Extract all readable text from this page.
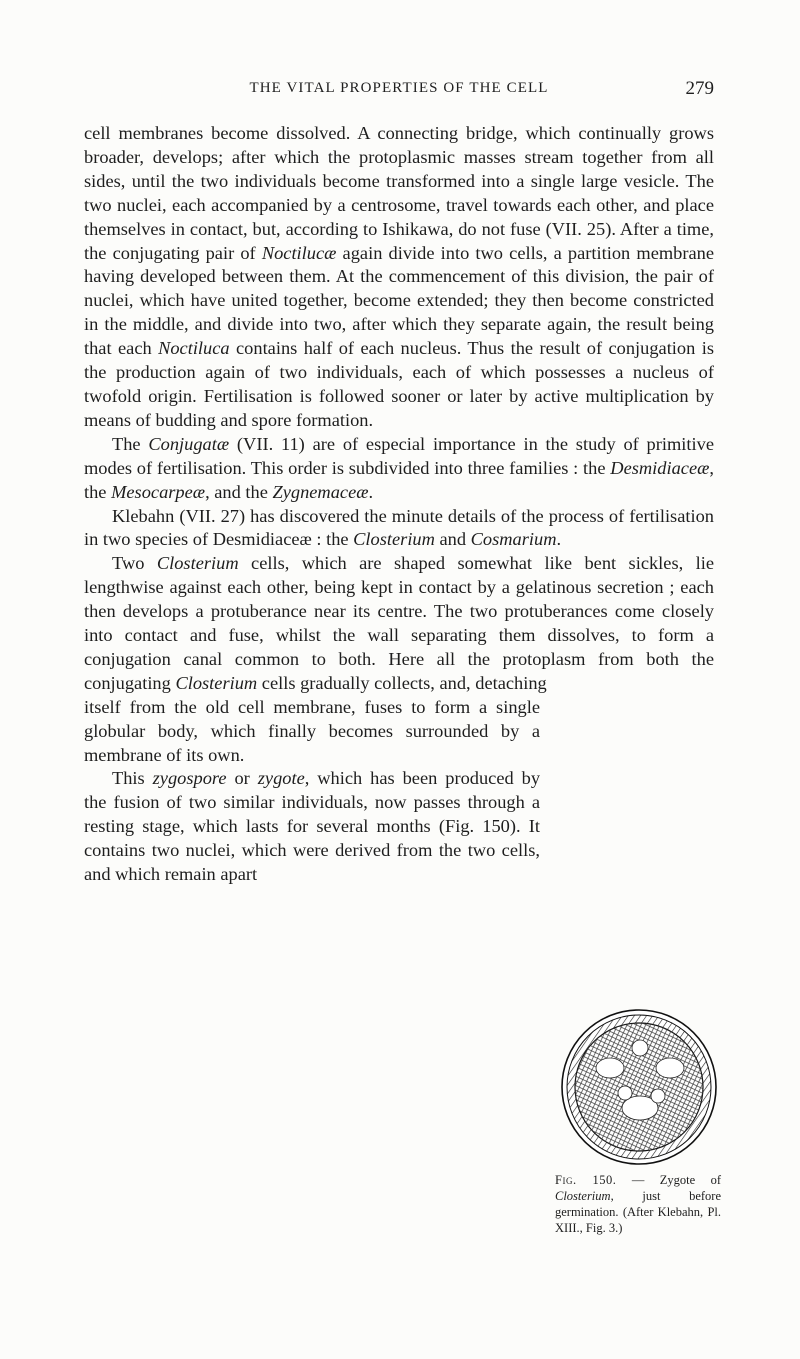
THE VITAL PROPERTIES OF THE CELL	279

cell membranes become dissolved. A connecting bridge, which continually grows broader, develops; after which the protoplasmic masses stream together from all sides, until the two individuals become transformed into a single large vesicle. The two nuclei, each accompanied by a centrosome, travel towards each other, and place themselves in contact, but, according to Ishikawa, do not fuse (VII. 25). After a time, the conjugating pair of Noctilucæ again divide into two cells, a partition membrane having developed between them. At the commencement of this division, the pair of nuclei, which have united together, become extended; they then become constricted in the middle, and divide into two, after which they separate again, the result being that each Noctiluca contains half of each nucleus. Thus the result of conjugation is the production again of two individuals, each of which possesses a nucleus of twofold origin. Fertilisation is followed sooner or later by active multiplication by means of budding and spore formation.

The Conjugatæ (VII. 11) are of especial importance in the study of primitive modes of fertilisation. This order is subdivided into three families : the Desmidiaceæ, the Mesocarpeæ, and the Zygnemaceæ.

Klebahn (VII. 27) has discovered the minute details of the process of fertilisation in two species of Desmidiaceæ : the Closterium and Cosmarium.

Two Closterium cells, which are shaped somewhat like bent sickles, lie lengthwise against each other, being kept in contact by a gelatinous secretion ; each then develops a protuberance near its centre. The two protuberances come closely into contact and fuse, whilst the wall separating them dissolves, to form a conjugation canal common to both. Here all the protoplasm from both the conjugating Closterium cells gradually collects, and, detaching

itself from the old cell membrane, fuses to form a single globular body, which finally becomes surrounded by a membrane of its own.

This zygospore or zygote, which has been produced by the fusion of two similar individuals, now passes through a resting stage, which lasts for several months (Fig. 150). It contains two nuclei, which were derived from the two cells, and which remain apart

Fig. 150. — Zygote of Closterium, just before germination. (After Klebahn, Pl. XIII., Fig. 3.)
